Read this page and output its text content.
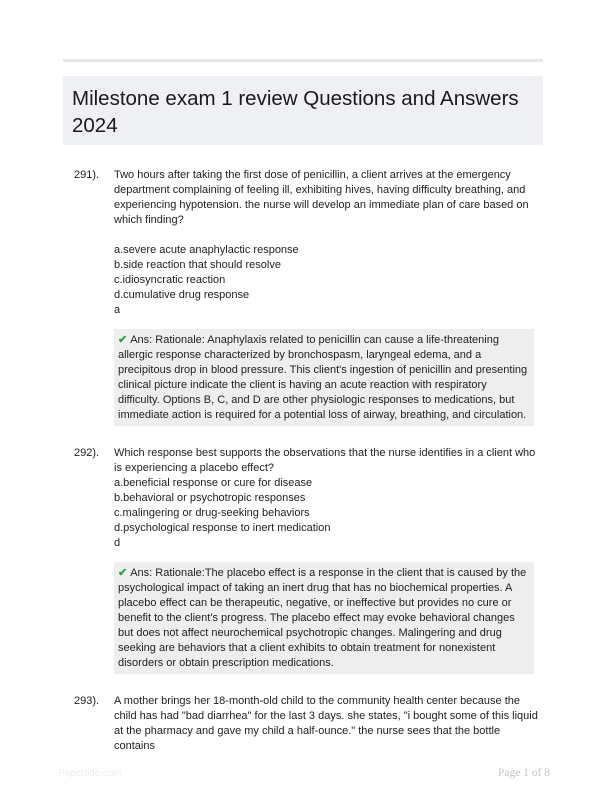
Milestone exam 1 review Questions and Answers 2024
291). Two hours after taking the first dose of penicillin, a client arrives at the emergency department complaining of feeling ill, exhibiting hives, having difficulty breathing, and experiencing hypotension. the nurse will develop an immediate plan of care based on which finding?

a.severe acute anaphylactic response
b.side reaction that should resolve
c.idiosyncratic reaction
d.cumulative drug response
a
✔ Ans: Rationale: Anaphylaxis related to penicillin can cause a life-threatening allergic response characterized by bronchospasm, laryngeal edema, and a precipitous drop in blood pressure. This client's ingestion of penicillin and presenting clinical picture indicate the client is having an acute reaction with respiratory difficulty. Options B, C, and D are other physiologic responses to medications, but immediate action is required for a potential loss of airway, breathing, and circulation.
292). Which response best supports the observations that the nurse identifies in a client who is experiencing a placebo effect?

a.beneficial response or cure for disease
b.behavioral or psychotropic responses
c.malingering or drug-seeking behaviors
d.psychological response to inert medication
d
✔ Ans: Rationale:The placebo effect is a response in the client that is caused by the psychological impact of taking an inert drug that has no biochemical properties. A placebo effect can be therapeutic, negative, or ineffective but provides no cure or benefit to the client's progress. The placebo effect may evoke behavioral changes but does not affect neurochemical psychotropic changes. Malingering and drug seeking are behaviors that a client exhibits to obtain treatment for nonexistent disorders or obtain prescription medications.
293). A mother brings her 18-month-old child to the community health center because the child has had "bad diarrhea" for the last 3 days. she states, "i bought some of this liquid at the pharmacy and gave my child a half-ounce." the nurse sees that the bottle contains

Papertitle.com	Page 1 of 8
